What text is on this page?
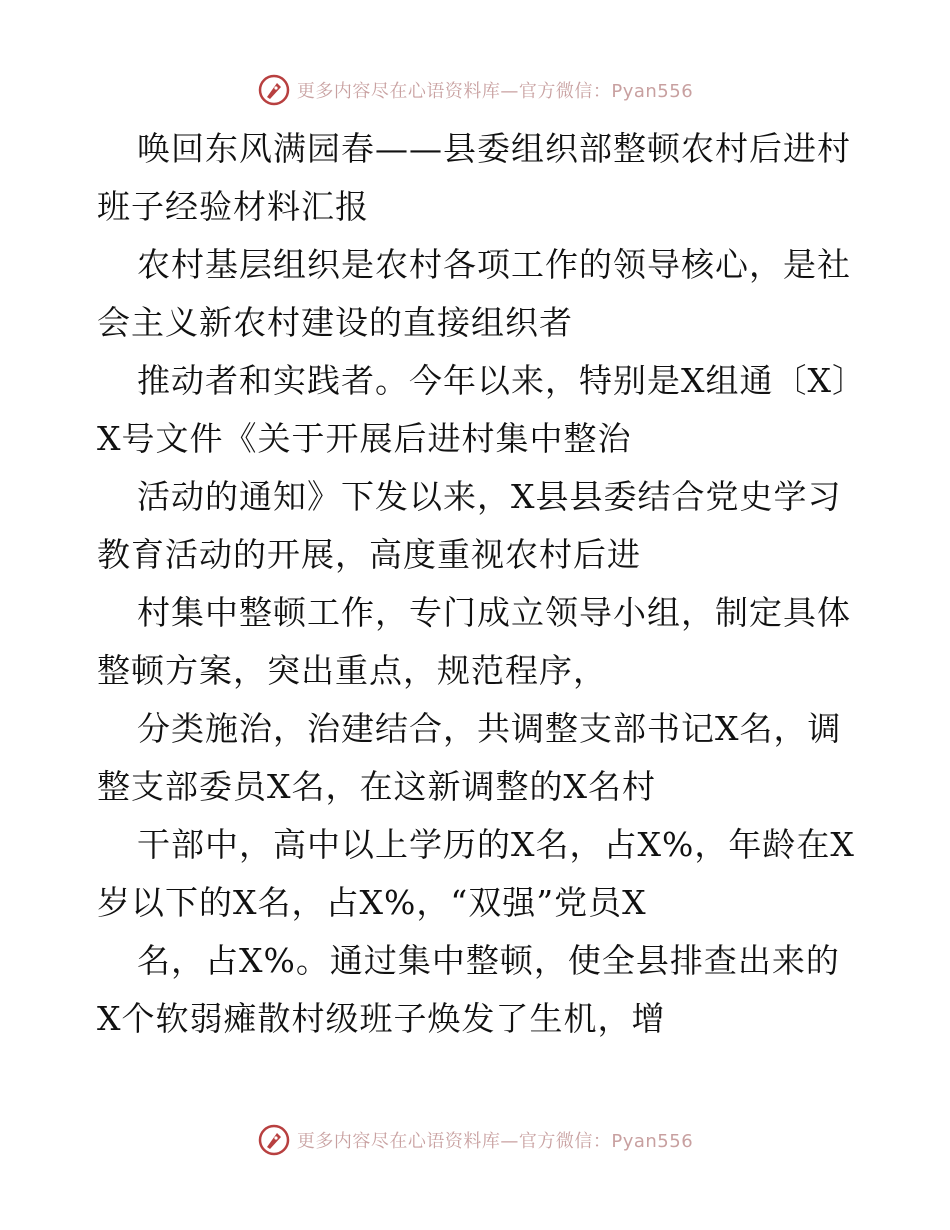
更多内容尽在心语资料库—官方微信：Pyan556

唤回东风满园春——县委组织部整顿农村后进村班子经验材料汇报

农村基层组织是农村各项工作的领导核心，是社会主义新农村建设的直接组织者

推动者和实践者。今年以来，特别是X组通〔X〕X号文件《关于开展后进村集中整治

活动的通知》下发以来，X县县委结合党史学习教育活动的开展，高度重视农村后进

村集中整顿工作，专门成立领导小组，制定具体整顿方案，突出重点，规范程序，

分类施治，治建结合，共调整支部书记X名，调整支部委员X名，在这新调整的X名村

干部中，高中以上学历的X名，占X%，年龄在X岁以下的X名，占X%，“双强”党员X

名，占X%。通过集中整顿，使全县排查出来的X个软弱瘫散村级班子焕发了生机，增

更多内容尽在心语资料库—官方微信：Pyan556
